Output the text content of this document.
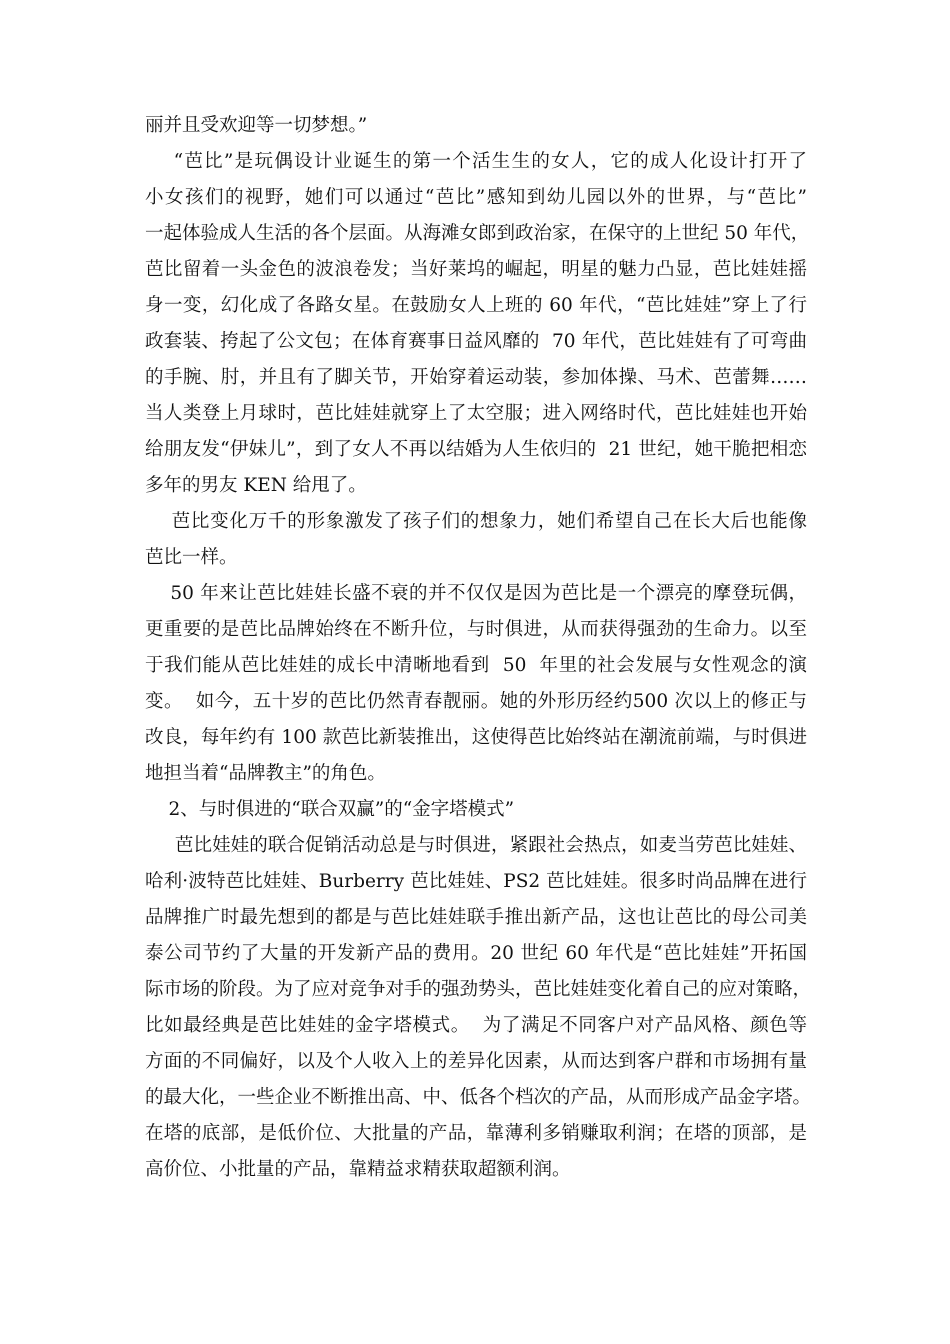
丽并且受欢迎等一切梦想。”
“芭比”是玩偶设计业诞生的第一个活生生的女人，它的成人化设计打开了
小女孩们的视野，她们可以通过“芭比”感知到幼儿园以外的世界，与“芭比”
一起体验成人生活的各个层面。从海滩女郎到政治家，在保守的上世纪 50 年代，
芭比留着一头金色的波浪卷发；当好莱坞的崛起，明星的魅力凸显，芭比娃娃摇
身一变，幻化成了各路女星。在鼓励女人上班的 60 年代，“芭比娃娃”穿上了行
政套装、挎起了公文包；在体育赛事日益风靡的  70 年代，芭比娃娃有了可弯曲
的手腕、肘，并且有了脚关节，开始穿着运动装，参加体操、马术、芭蕾舞……
当人类登上月球时，芭比娃娃就穿上了太空服；进入网络时代，芭比娃娃也开始
给朋友发“伊妹儿”，到了女人不再以结婚为人生依归的  21 世纪，她干脆把相恋
多年的男友 KEN 给甩了。
芭比变化万千的形象激发了孩子们的想象力，她们希望自己在长大后也能像
芭比一样。
50 年来让芭比娃娃长盛不衰的并不仅仅是因为芭比是一个漂亮的摩登玩偶，
更重要的是芭比品牌始终在不断升位，与时俱进，从而获得强劲的生命力。以至
于我们能从芭比娃娃的成长中清晰地看到  50  年里的社会发展与女性观念的演
变。  如今，五十岁的芭比仍然青春靓丽。她的外形历经约500 次以上的修正与
改良，每年约有 100 款芭比新装推出，这使得芭比始终站在潮流前端，与时俱进
地担当着“品牌教主”的角色。
2、与时俱进的“联合双赢”的“金字塔模式”
芭比娃娃的联合促销活动总是与时俱进，紧跟社会热点，如麦当劳芭比娃娃、
哈利·波特芭比娃娃、Burberry 芭比娃娃、PS2 芭比娃娃。很多时尚品牌在进行
品牌推广时最先想到的都是与芭比娃娃联手推出新产品，这也让芭比的母公司美
泰公司节约了大量的开发新产品的费用。20 世纪 60 年代是“芭比娃娃”开拓国
际市场的阶段。为了应对竞争对手的强劲势头，芭比娃娃变化着自己的应对策略，
比如最经典是芭比娃娃的金字塔模式。  为了满足不同客户对产品风格、颜色等
方面的不同偏好，以及个人收入上的差异化因素，从而达到客户群和市场拥有量
的最大化，一些企业不断推出高、中、低各个档次的产品，从而形成产品金字塔。
在塔的底部，是低价位、大批量的产品，靠薄利多销赚取利润；在塔的顶部，是
高价位、小批量的产品，靠精益求精获取超额利润。
